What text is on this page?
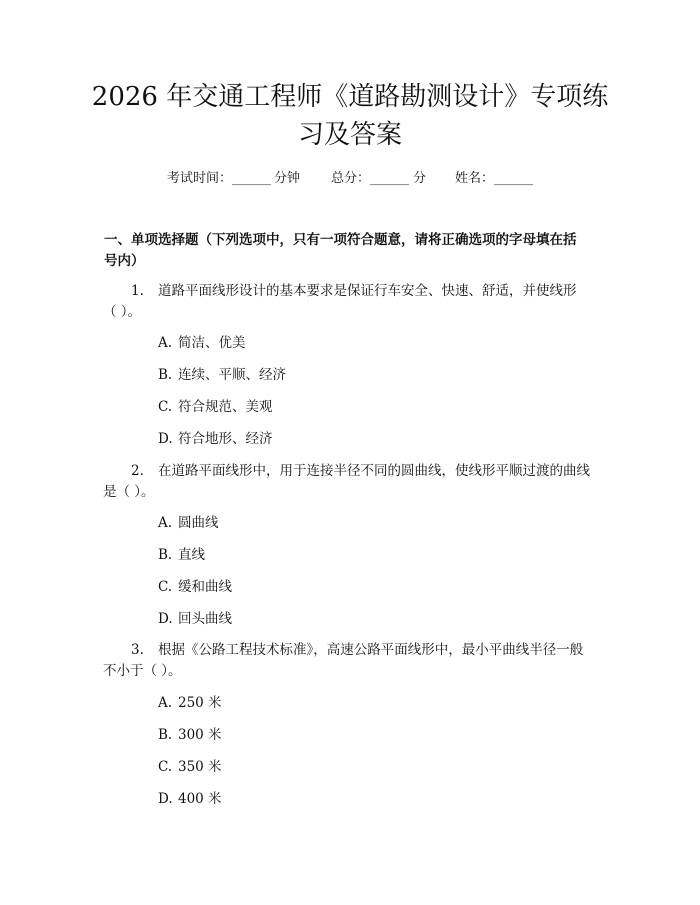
2026 年交通工程师《道路勘测设计》专项练
习及答案
考试时间： ______ 分钟 总分： ______ 分 姓名： ______
一、单项选择题（下列选项中，只有一项符合题意，请将正确选项的字母填在括
号内）
1. 道路平面线形设计的基本要求是保证行车安全、快速、舒适，并使线形
（ ）。
A. 简洁、优美
B. 连续、平顺、经济
C. 符合规范、美观
D. 符合地形、经济
2. 在道路平面线形中，用于连接半径不同的圆曲线，使线形平顺过渡的曲线
是（ ）。
A. 圆曲线
B. 直线
C. 缓和曲线
D. 回头曲线
3. 根据《公路工程技术标准》，高速公路平面线形中，最小平曲线半径一般
不小于（ ）。
A. 250 米
B. 300 米
C. 350 米
D. 400 米
